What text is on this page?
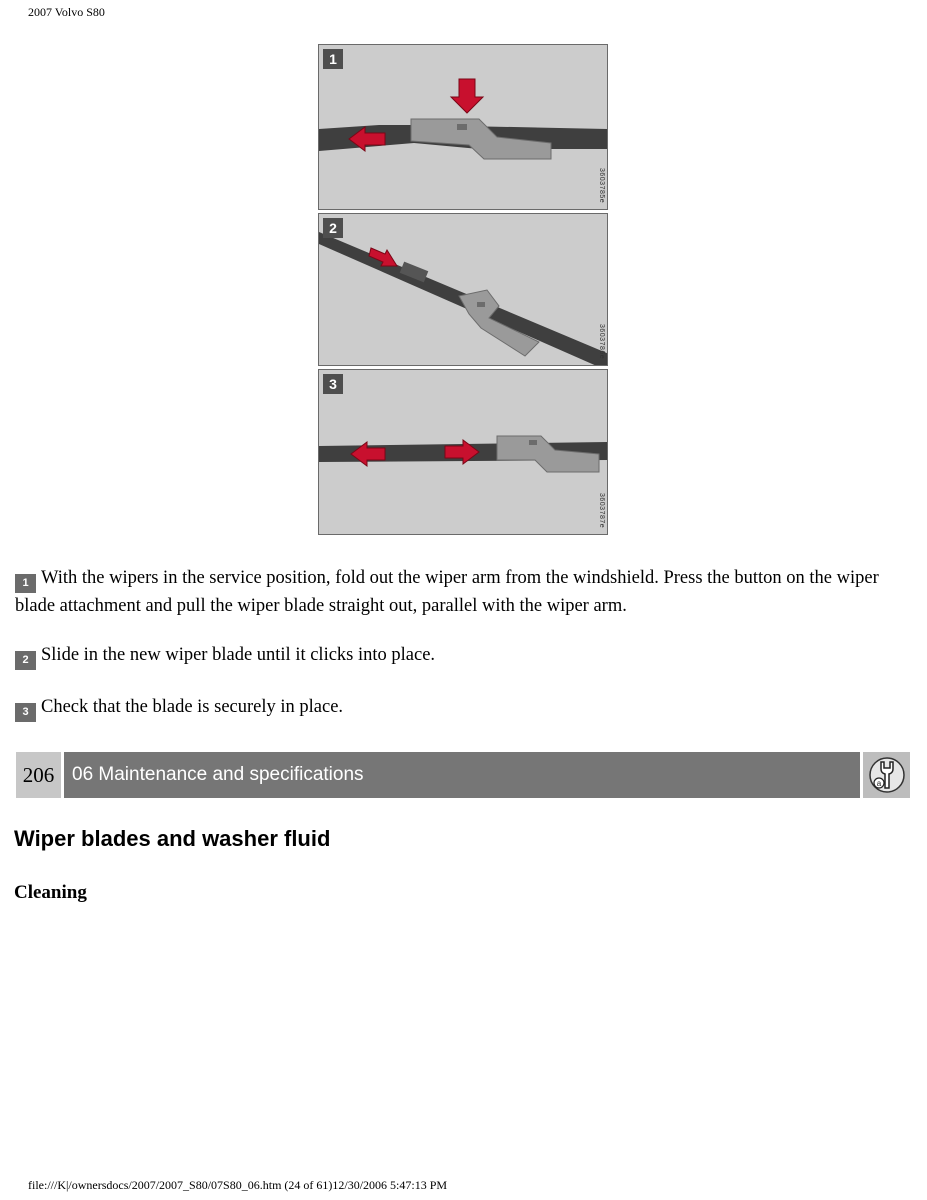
2007 Volvo S80
1
3603785e
2
3603786e
3
3603787e
1 With the wipers in the service position, fold out the wiper arm from the windshield. Press the button on the wiper blade attachment and pull the wiper blade straight out, parallel with the wiper arm.
2 Slide in the new wiper blade until it clicks into place.
3 Check that the blade is securely in place.
206 06 Maintenance and specifications	a
Wiper blades and washer fluid
Cleaning
file:///K|/ownersdocs/2007/2007_S80/07S80_06.htm (24 of 61)12/30/2006 5:47:13 PM
